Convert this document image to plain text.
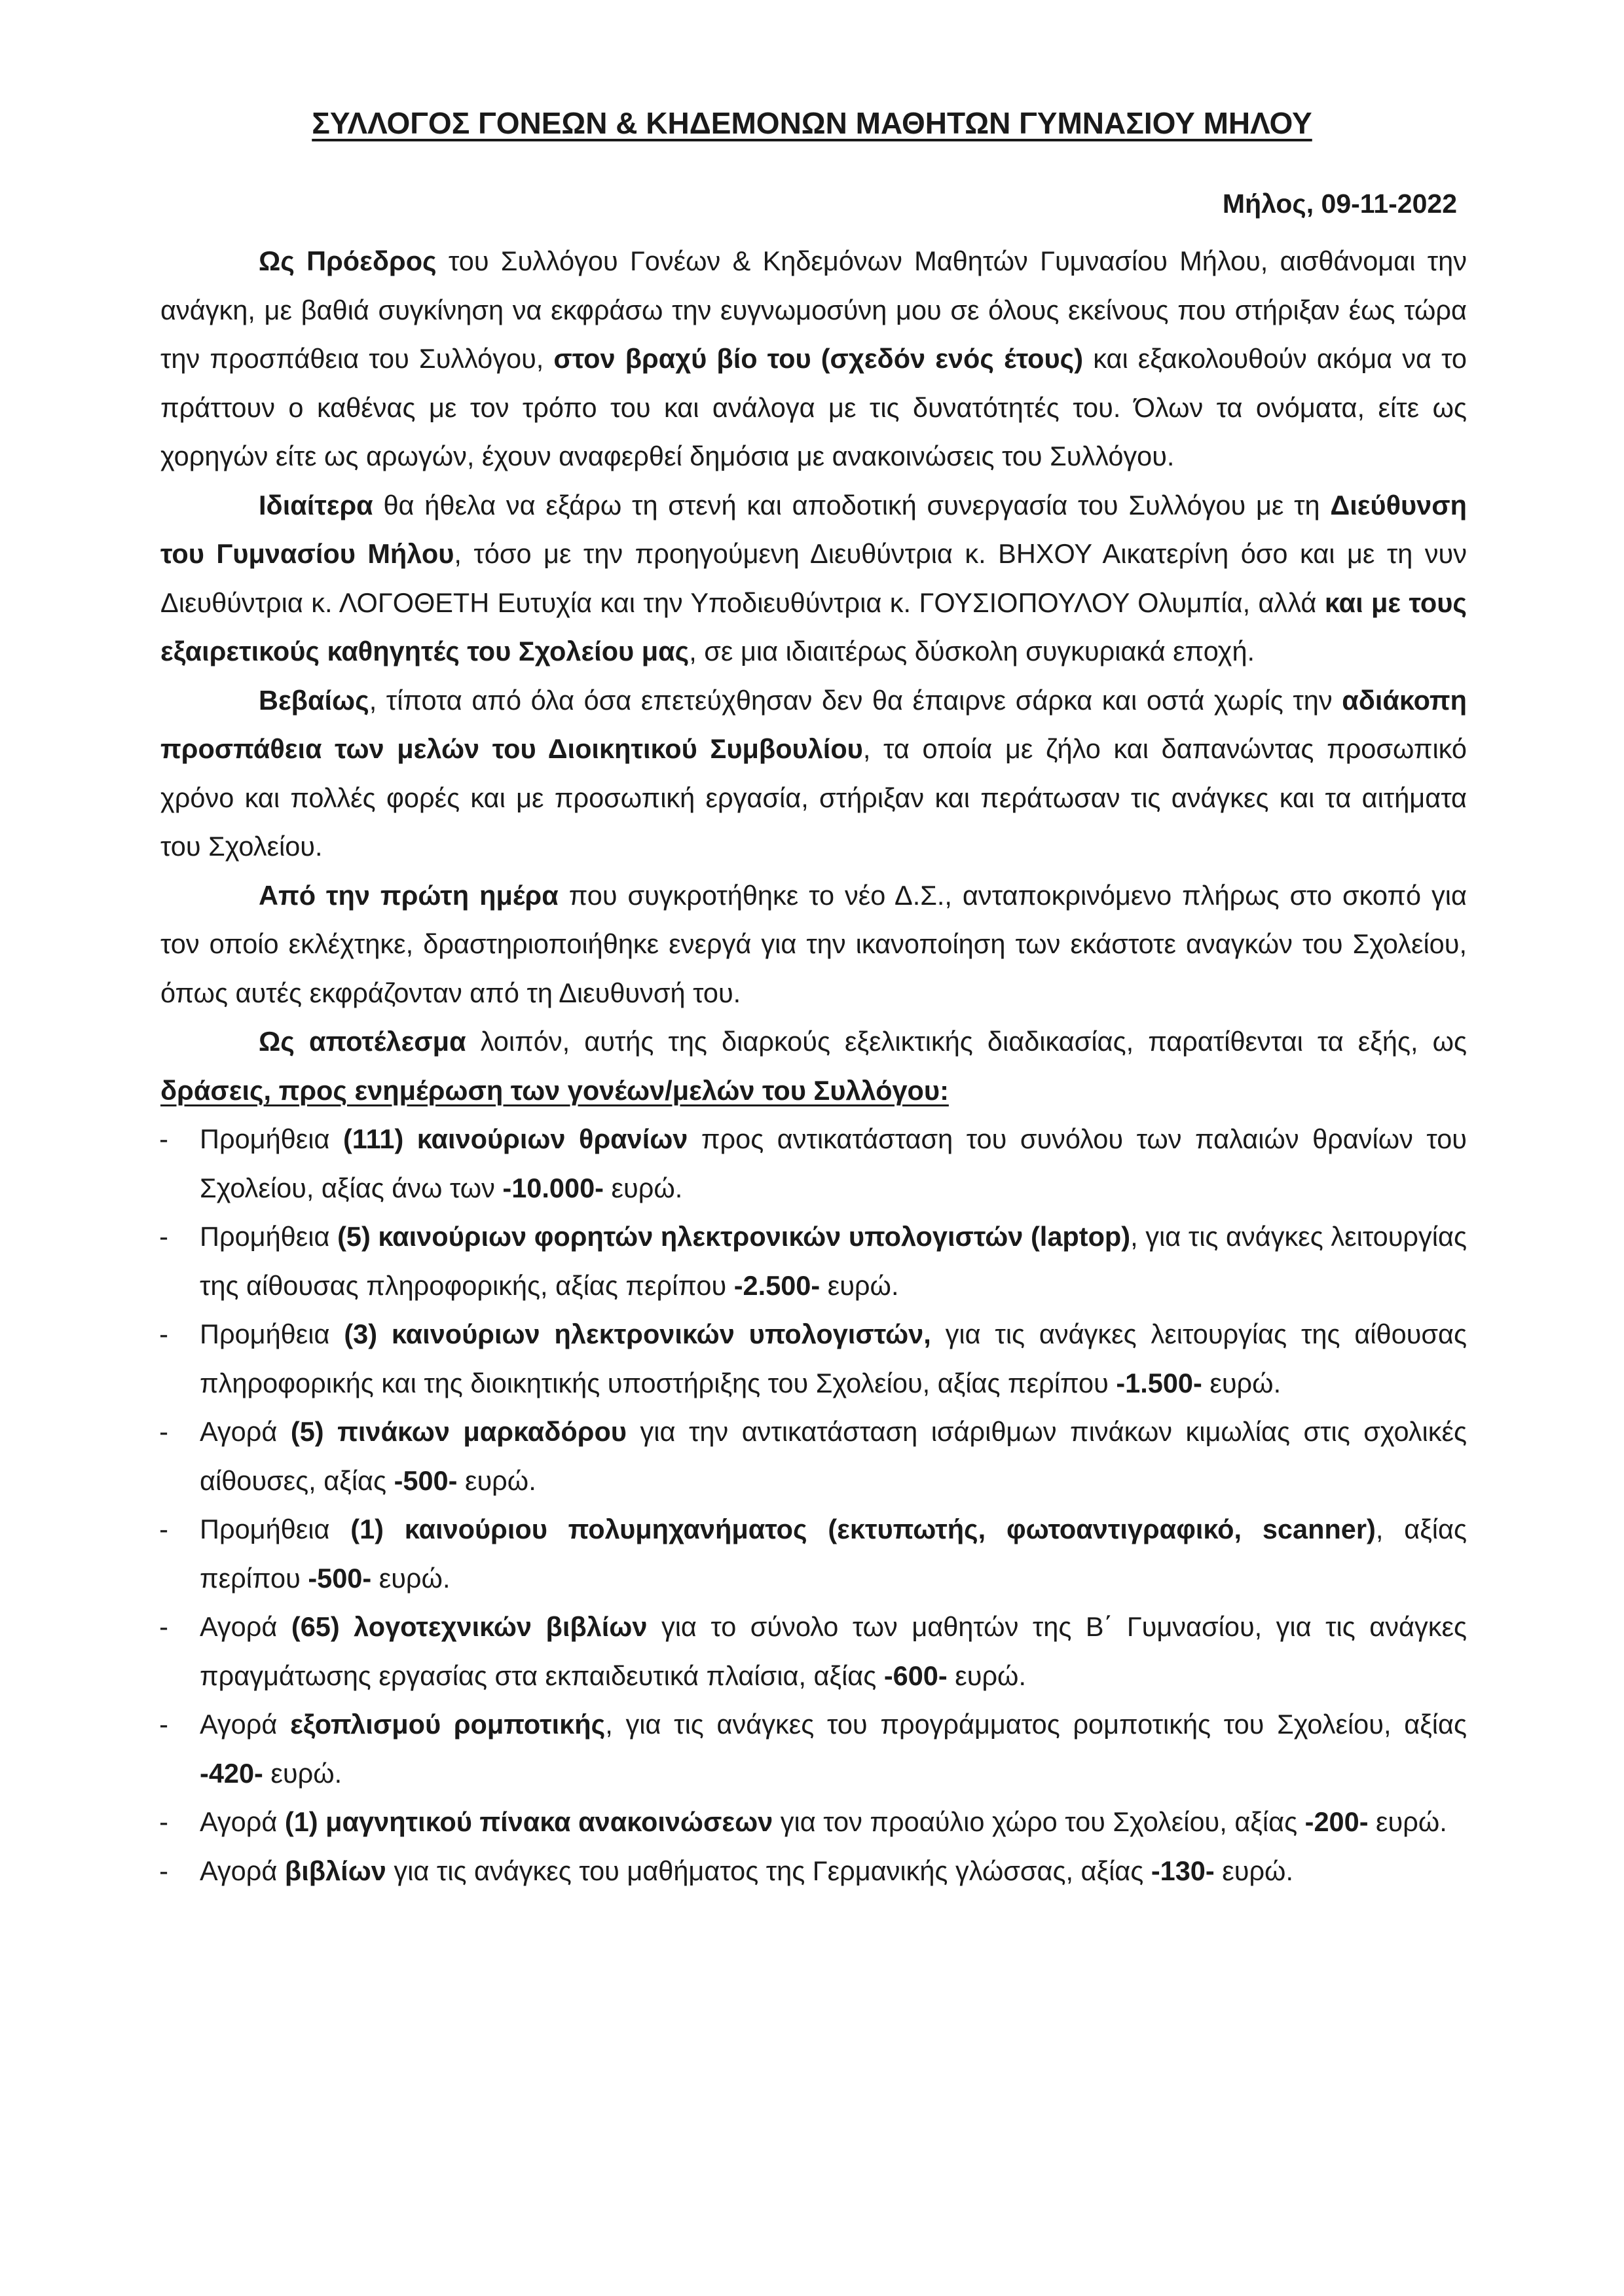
ΣΥΛΛΟΓΟΣ ΓΟΝΕΩΝ & ΚΗΔΕΜΟΝΩΝ ΜΑΘΗΤΩΝ ΓΥΜΝΑΣΙΟΥ ΜΗΛΟΥ
Μήλος, 09-11-2022

Ως Πρόεδρος του Συλλόγου Γονέων & Κηδεμόνων Μαθητών Γυμνασίου Μήλου, αισθάνομαι την ανάγκη, με βαθιά συγκίνηση να εκφράσω την ευγνωμοσύνη μου σε όλους εκείνους που στήριξαν έως τώρα την προσπάθεια του Συλλόγου, στον βραχύ βίο του (σχεδόν ενός έτους) και εξακολουθούν ακόμα να το πράττουν ο καθένας με τον τρόπο του και ανάλογα με τις δυνατότητές του. Όλων τα ονόματα, είτε ως χορηγών είτε ως αρωγών, έχουν αναφερθεί δημόσια με ανακοινώσεις του Συλλόγου.

Ιδιαίτερα θα ήθελα να εξάρω τη στενή και αποδοτική συνεργασία του Συλλόγου με τη Διεύθυνση του Γυμνασίου Μήλου, τόσο με την προηγούμενη Διευθύντρια κ. ΒΗΧΟΥ Αικατερίνη όσο και με τη νυν Διευθύντρια κ. ΛΟΓΟΘΕΤΗ Ευτυχία και την Υποδιευθύντρια κ. ΓΟΥΣΙΟΠΟΥΛΟΥ Ολυμπία, αλλά και με τους εξαιρετικούς καθηγητές του Σχολείου μας, σε μια ιδιαιτέρως δύσκολη συγκυριακά εποχή.

Βεβαίως, τίποτα από όλα όσα επετεύχθησαν δεν θα έπαιρνε σάρκα και οστά χωρίς την αδιάκοπη προσπάθεια των μελών του Διοικητικού Συμβουλίου, τα οποία με ζήλο και δαπανώντας προσωπικό χρόνο και πολλές φορές και με προσωπική εργασία, στήριξαν και περάτωσαν τις ανάγκες και τα αιτήματα του Σχολείου.

Από την πρώτη ημέρα που συγκροτήθηκε το νέο Δ.Σ., ανταποκρινόμενο πλήρως στο σκοπό για τον οποίο εκλέχτηκε, δραστηριοποιήθηκε ενεργά για την ικανοποίηση των εκάστοτε αναγκών του Σχολείου, όπως αυτές εκφράζονταν από τη Διευθυνσή του.

Ως αποτέλεσμα λοιπόν, αυτής της διαρκούς εξελικτικής διαδικασίας, παρατίθενται τα εξής, ως δράσεις, προς ενημέρωση των γονέων/μελών του Συλλόγου:

- Προμήθεια (111) καινούριων θρανίων προς αντικατάσταση του συνόλου των παλαιών θρανίων του Σχολείου, αξίας άνω των -10.000- ευρώ.
- Προμήθεια (5) καινούριων φορητών ηλεκτρονικών υπολογιστών (laptop), για τις ανάγκες λειτουργίας της αίθουσας πληροφορικής, αξίας περίπου -2.500- ευρώ.
- Προμήθεια (3) καινούριων ηλεκτρονικών υπολογιστών, για τις ανάγκες λειτουργίας της αίθουσας πληροφορικής και της διοικητικής υποστήριξης του Σχολείου, αξίας περίπου -1.500- ευρώ.
- Αγορά (5) πινάκων μαρκαδόρου για την αντικατάσταση ισάριθμων πινάκων κιμωλίας στις σχολικές αίθουσες, αξίας -500- ευρώ.
- Προμήθεια (1) καινούριου πολυμηχανήματος (εκτυπωτής, φωτοαντιγραφικό, scanner), αξίας περίπου -500- ευρώ.
- Αγορά (65) λογοτεχνικών βιβλίων για το σύνολο των μαθητών της Β΄ Γυμνασίου, για τις ανάγκες πραγμάτωσης εργασίας στα εκπαιδευτικά πλαίσια, αξίας -600- ευρώ.
- Αγορά εξοπλισμού ρομποτικής, για τις ανάγκες του προγράμματος ρομποτικής του Σχολείου, αξίας -420- ευρώ.
- Αγορά (1) μαγνητικού πίνακα ανακοινώσεων για τον προαύλιο χώρο του Σχολείου, αξίας -200- ευρώ.
- Αγορά βιβλίων για τις ανάγκες του μαθήματος της Γερμανικής γλώσσας, αξίας -130- ευρώ.
